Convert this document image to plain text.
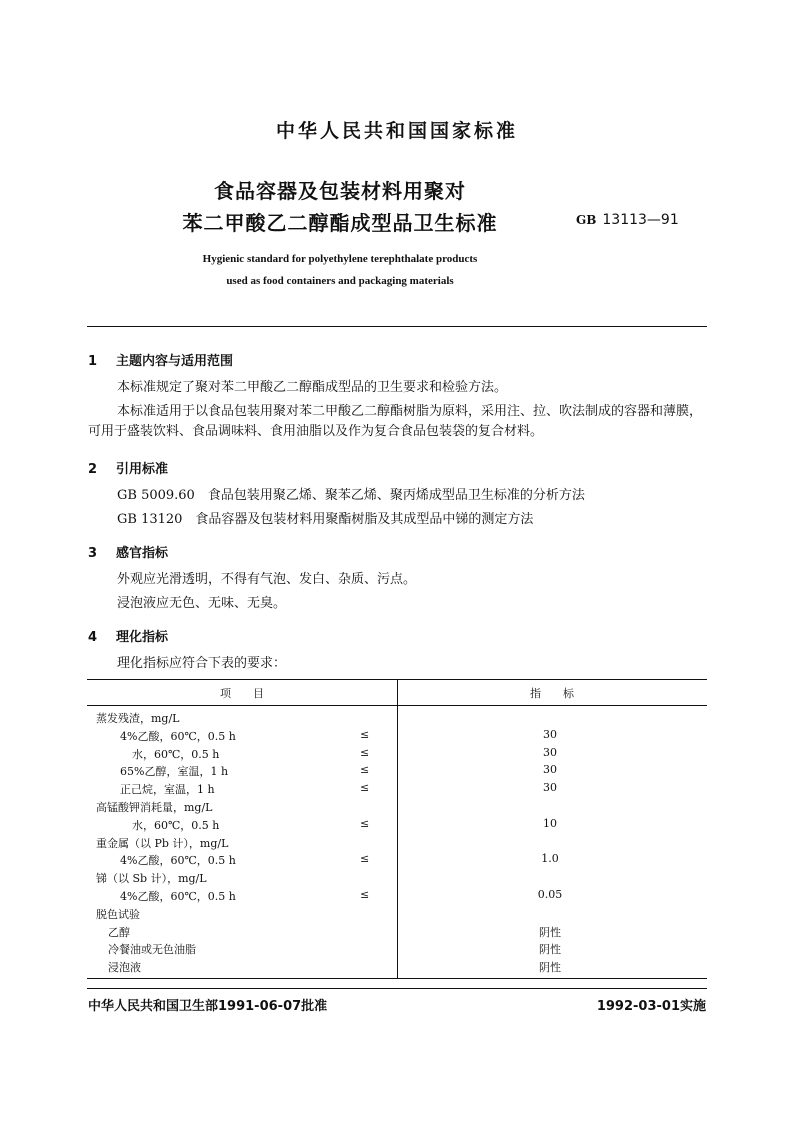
中华人民共和国国家标准
食品容器及包装材料用聚对
苯二甲酸乙二醇酯成型品卫生标准	GB 13113—91
Hygienic standard for polyethylene terephthalate products
used as food containers and packaging materials
1 主题内容与适用范围
本标准规定了聚对苯二甲酸乙二醇酯成型品的卫生要求和检验方法。
本标准适用于以食品包装用聚对苯二甲酸乙二醇酯树脂为原料，采用注、拉、吹法制成的容器和薄膜，可用于盛装饮料、食品调味料、食用油脂以及作为复合食品包装袋的复合材料。
2 引用标准
GB 5009.60　食品包装用聚乙烯、聚苯乙烯、聚丙烯成型品卫生标准的分析方法
GB 13120　食品容器及包装材料用聚酯树脂及其成型品中锑的测定方法
3 感官指标
外观应光滑透明，不得有气泡、发白、杂质、污点。
浸泡液应无色、无味、无臭。
4 理化指标
理化指标应符合下表的要求：
项　　目	指　　标
蒸发残渣，mg/L
4%乙酸，60℃，0.5 h	≤	30
水，60℃，0.5 h	≤	30
65%乙醇，室温，1 h	≤	30
正己烷，室温，1 h	≤	30
高锰酸钾消耗量，mg/L
水，60℃，0.5 h	≤	10
重金属（以 Pb 计），mg/L
4%乙酸，60℃，0.5 h	≤	1.0
锑（以 Sb 计），mg/L
4%乙酸，60℃，0.5 h	≤	0.05
脱色试验
乙醇	阴性
冷餐油或无色油脂	阴性
浸泡液	阴性
中华人民共和国卫生部1991-06-07批准	1992-03-01实施
